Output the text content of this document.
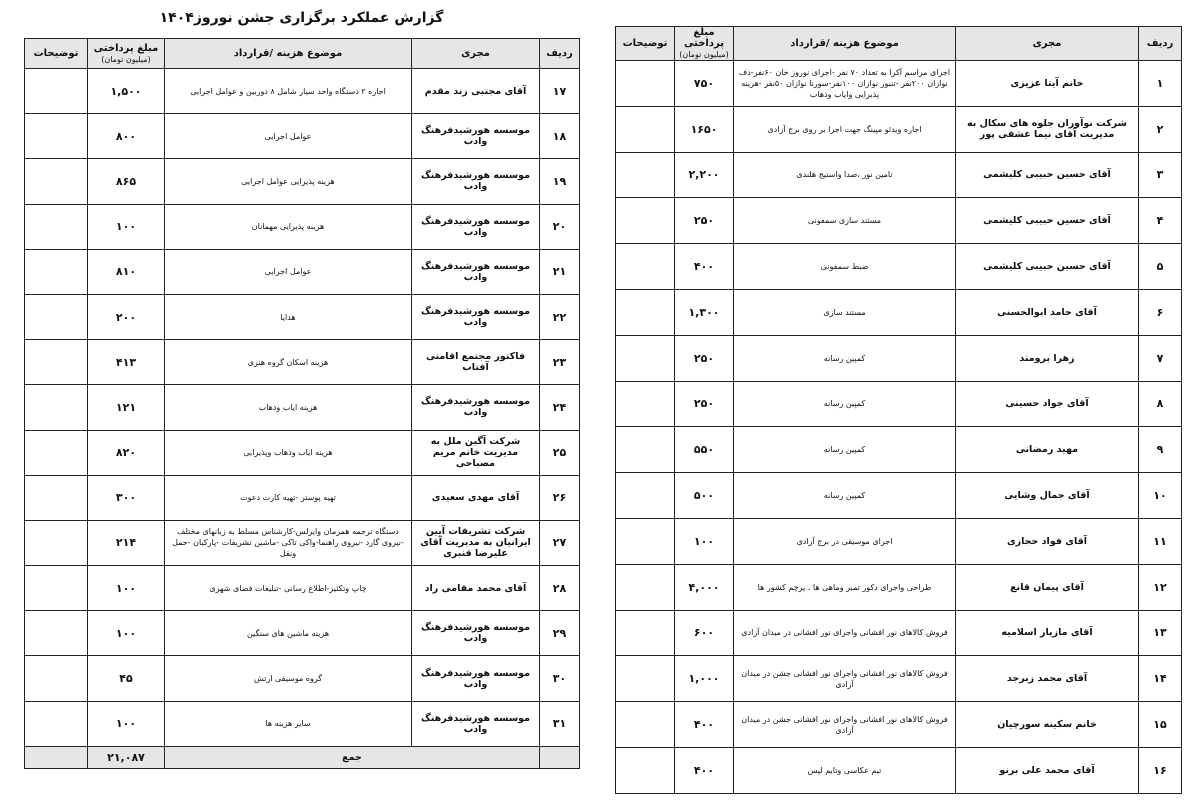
گزارش عملکرد برگزاری جشن نوروز۱۴۰۴
ردیف	مجری	موضوع هزینه /قرارداد	مبلغ پرداختی
(میلیون تومان)	توضیحات
۱۷	آقای مجتبی زند مقدم	اجاره ۲ دستگاه واحد سیار شامل ۸ دوربین و عوامل اجرایی	۱,۵۰۰	
۱۸	موسسه هورشیدفرهنگ وادب	عوامل اجرایی	۸۰۰	
۱۹	موسسه هورشیدفرهنگ وادب	هزینه پذیرایی عوامل اجرایی	۸۶۵	
۲۰	موسسه هورشیدفرهنگ وادب	هزینه پذیرایی مهمانان	۱۰۰	
۲۱	موسسه هورشیدفرهنگ وادب	عوامل اجرایی	۸۱۰	
۲۲	موسسه هورشیدفرهنگ وادب	هدایا	۲۰۰	
۲۳	فاکتور مجتمع اقامتی آفتاب	هزینه اسکان گروه هنری	۴۱۳	
۲۴	موسسه هورشیدفرهنگ وادب	هزینه ایاب وذهاب	۱۲۱	
۲۵	شرکت آگین ملل به مدیریت خانم مریم مصباحی	هزینه ایاب وذهاب وپذیرایی	۸۲۰	
۲۶	آقای مهدی سعیدی	تهیه پوستر -تهیه کارت دعوت	۳۰۰	
۲۷	شرکت تشریفات آیین ایرانیان به مدیریت آقای علیرضا قنبری	دستگاه ترجمه همزمان وایرلس-کارشناس مسلط به زبانهای مختلف -نیروی گارد -نیروی راهنما-واکی تاکی -ماشین تشریفات -پارکبان -حمل ونقل	۲۱۴	
۲۸	آقای محمد مقامی راد	چاپ وتکثیر-اطلاع رسانی -تبلیغات فضای شهری	۱۰۰	
۲۹	موسسه هورشیدفرهنگ وادب	هزینه ماشین های سنگین	۱۰۰	
۳۰	موسسه هورشیدفرهنگ وادب	گروه موسیقی ارتش	۴۵	
۳۱	موسسه هورشیدفرهنگ وادب	سایر هزینه ها	۱۰۰	
	جمع		۲۱,۰۸۷	
ردیف	مجری	موضوع هزینه /قرارداد	مبلغ پرداختی
(میلیون تومان)	توضیحات
۱	خانم آیتا عزیزی	اجرای مراسم آکرا به تعداد ۷۰ نفر -اجرای نوروز خان ۶۰نفر-دف نوازان ۲۰۰نفر -تنبور نوازان ۱۰۰نفر-سورنا نوازان ۵۰نفر -هزینه پذیرایی وایاب وذهاب	۷۵۰	
۲	شرکت نوآوران جلوه های سکال به مدیریت آقای نیما عشقی پور	اجاره ویدئو مپینگ جهت اجرا بر روی برج آزادی	۱۶۵۰	
۳	آقای حسین حبیبی کلیشمی	تامین نور ،صدا واستیج هلندی	۲,۲۰۰	
۴	آقای حسین حبیبی کلیشمی	مستند سازی سمفونی	۲۵۰	
۵	آقای حسین حبیبی کلیشمی	ضبط سمفونی	۴۰۰	
۶	آقای حامد ابوالحسنی	مستند سازی	۱,۳۰۰	
۷	زهرا برومند	کمپین رسانه	۲۵۰	
۸	آقای جواد حسینی	کمپین رسانه	۲۵۰	
۹	مهید رمضانی	کمپین رسانه	۵۵۰	
۱۰	آقای جمال وشایی	کمپین رسانه	۵۰۰	
۱۱	آقای فواد حجازی	اجرای موسیقی در برج آزادی	۱۰۰	
۱۲	آقای پیمان قانع	طراحی واجرای دکور تمبر وماهی ها ، پرچم کشور ها	۴,۰۰۰	
۱۳	آقای مازیار اسلامیه	فروش کالاهای نور افشانی واجرای نور افشانی در میدان آزادی	۶۰۰	
۱۴	آقای محمد زبرجد	فروش کالاهای نور افشانی واجرای نور افشانی جشن در میدان آزادی	۱,۰۰۰	
۱۵	خانم سکینه سورچیان	فروش کالاهای نور افشانی واجرای نور افشانی جشن در میدان آزادی	۴۰۰	
۱۶	آقای محمد علی برنو	تیم عکاسی وتایم لپس	۴۰۰	
